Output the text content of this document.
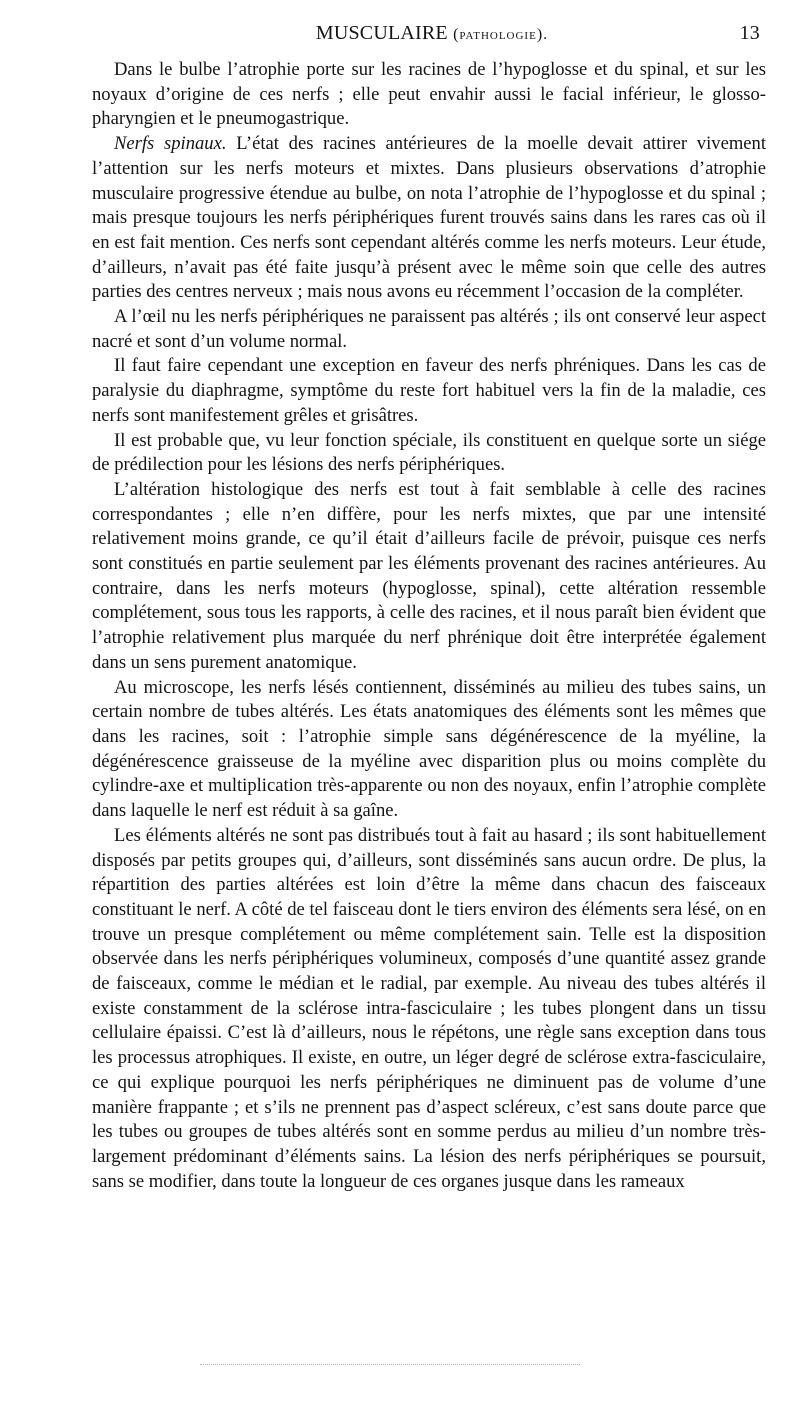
MUSCULAIRE (pathologie).	13

Dans le bulbe l’atrophie porte sur les racines de l’hypoglosse et du spinal, et sur les noyaux d’origine de ces nerfs ; elle peut envahir aussi le facial inférieur, le glosso-pharyngien et le pneumogastrique.

Nerfs spinaux. L’état des racines antérieures de la moelle devait attirer vivement l’attention sur les nerfs moteurs et mixtes. Dans plusieurs observations d’atrophie musculaire progressive étendue au bulbe, on nota l’atrophie de l’hypoglosse et du spinal ; mais presque toujours les nerfs périphériques furent trouvés sains dans les rares cas où il en est fait mention. Ces nerfs sont cependant altérés comme les nerfs moteurs. Leur étude, d’ailleurs, n’avait pas été faite jusqu’à présent avec le même soin que celle des autres parties des centres nerveux ; mais nous avons eu récemment l’occasion de la compléter.

A l’œil nu les nerfs périphériques ne paraissent pas altérés ; ils ont conservé leur aspect nacré et sont d’un volume normal.

Il faut faire cependant une exception en faveur des nerfs phréniques. Dans les cas de paralysie du diaphragme, symptôme du reste fort habituel vers la fin de la maladie, ces nerfs sont manifestement grêles et grisâtres.

Il est probable que, vu leur fonction spéciale, ils constituent en quelque sorte un siége de prédilection pour les lésions des nerfs périphériques.

L’altération histologique des nerfs est tout à fait semblable à celle des racines correspondantes ; elle n’en diffère, pour les nerfs mixtes, que par une intensité relativement moins grande, ce qu’il était d’ailleurs facile de prévoir, puisque ces nerfs sont constitués en partie seulement par les éléments provenant des racines antérieures. Au contraire, dans les nerfs moteurs (hypoglosse, spinal), cette altération ressemble complétement, sous tous les rapports, à celle des racines, et il nous paraît bien évident que l’atrophie relativement plus marquée du nerf phrénique doit être interprétée également dans un sens purement anatomique.

Au microscope, les nerfs lésés contiennent, disséminés au milieu des tubes sains, un certain nombre de tubes altérés. Les états anatomiques des éléments sont les mêmes que dans les racines, soit : l’atrophie simple sans dégénérescence de la myéline, la dégénérescence graisseuse de la myéline avec disparition plus ou moins complète du cylindre-axe et multiplication très-apparente ou non des noyaux, enfin l’atrophie complète dans laquelle le nerf est réduit à sa gaîne.

Les éléments altérés ne sont pas distribués tout à fait au hasard ; ils sont habituellement disposés par petits groupes qui, d’ailleurs, sont disséminés sans aucun ordre. De plus, la répartition des parties altérées est loin d’être la même dans chacun des faisceaux constituant le nerf. A côté de tel faisceau dont le tiers environ des éléments sera lésé, on en trouve un presque complétement ou même complétement sain. Telle est la disposition observée dans les nerfs périphériques volumineux, composés d’une quantité assez grande de faisceaux, comme le médian et le radial, par exemple. Au niveau des tubes altérés il existe constamment de la sclérose intra-fasciculaire ; les tubes plongent dans un tissu cellulaire épaissi. C’est là d’ailleurs, nous le répétons, une règle sans exception dans tous les processus atrophiques. Il existe, en outre, un léger degré de sclérose extra-fasciculaire, ce qui explique pourquoi les nerfs périphériques ne diminuent pas de volume d’une manière frappante ; et s’ils ne prennent pas d’aspect scléreux, c’est sans doute parce que les tubes ou groupes de tubes altérés sont en somme perdus au milieu d’un nombre très-largement prédominant d’éléments sains. La lésion des nerfs périphériques se poursuit, sans se modifier, dans toute la longueur de ces organes jusque dans les rameaux
